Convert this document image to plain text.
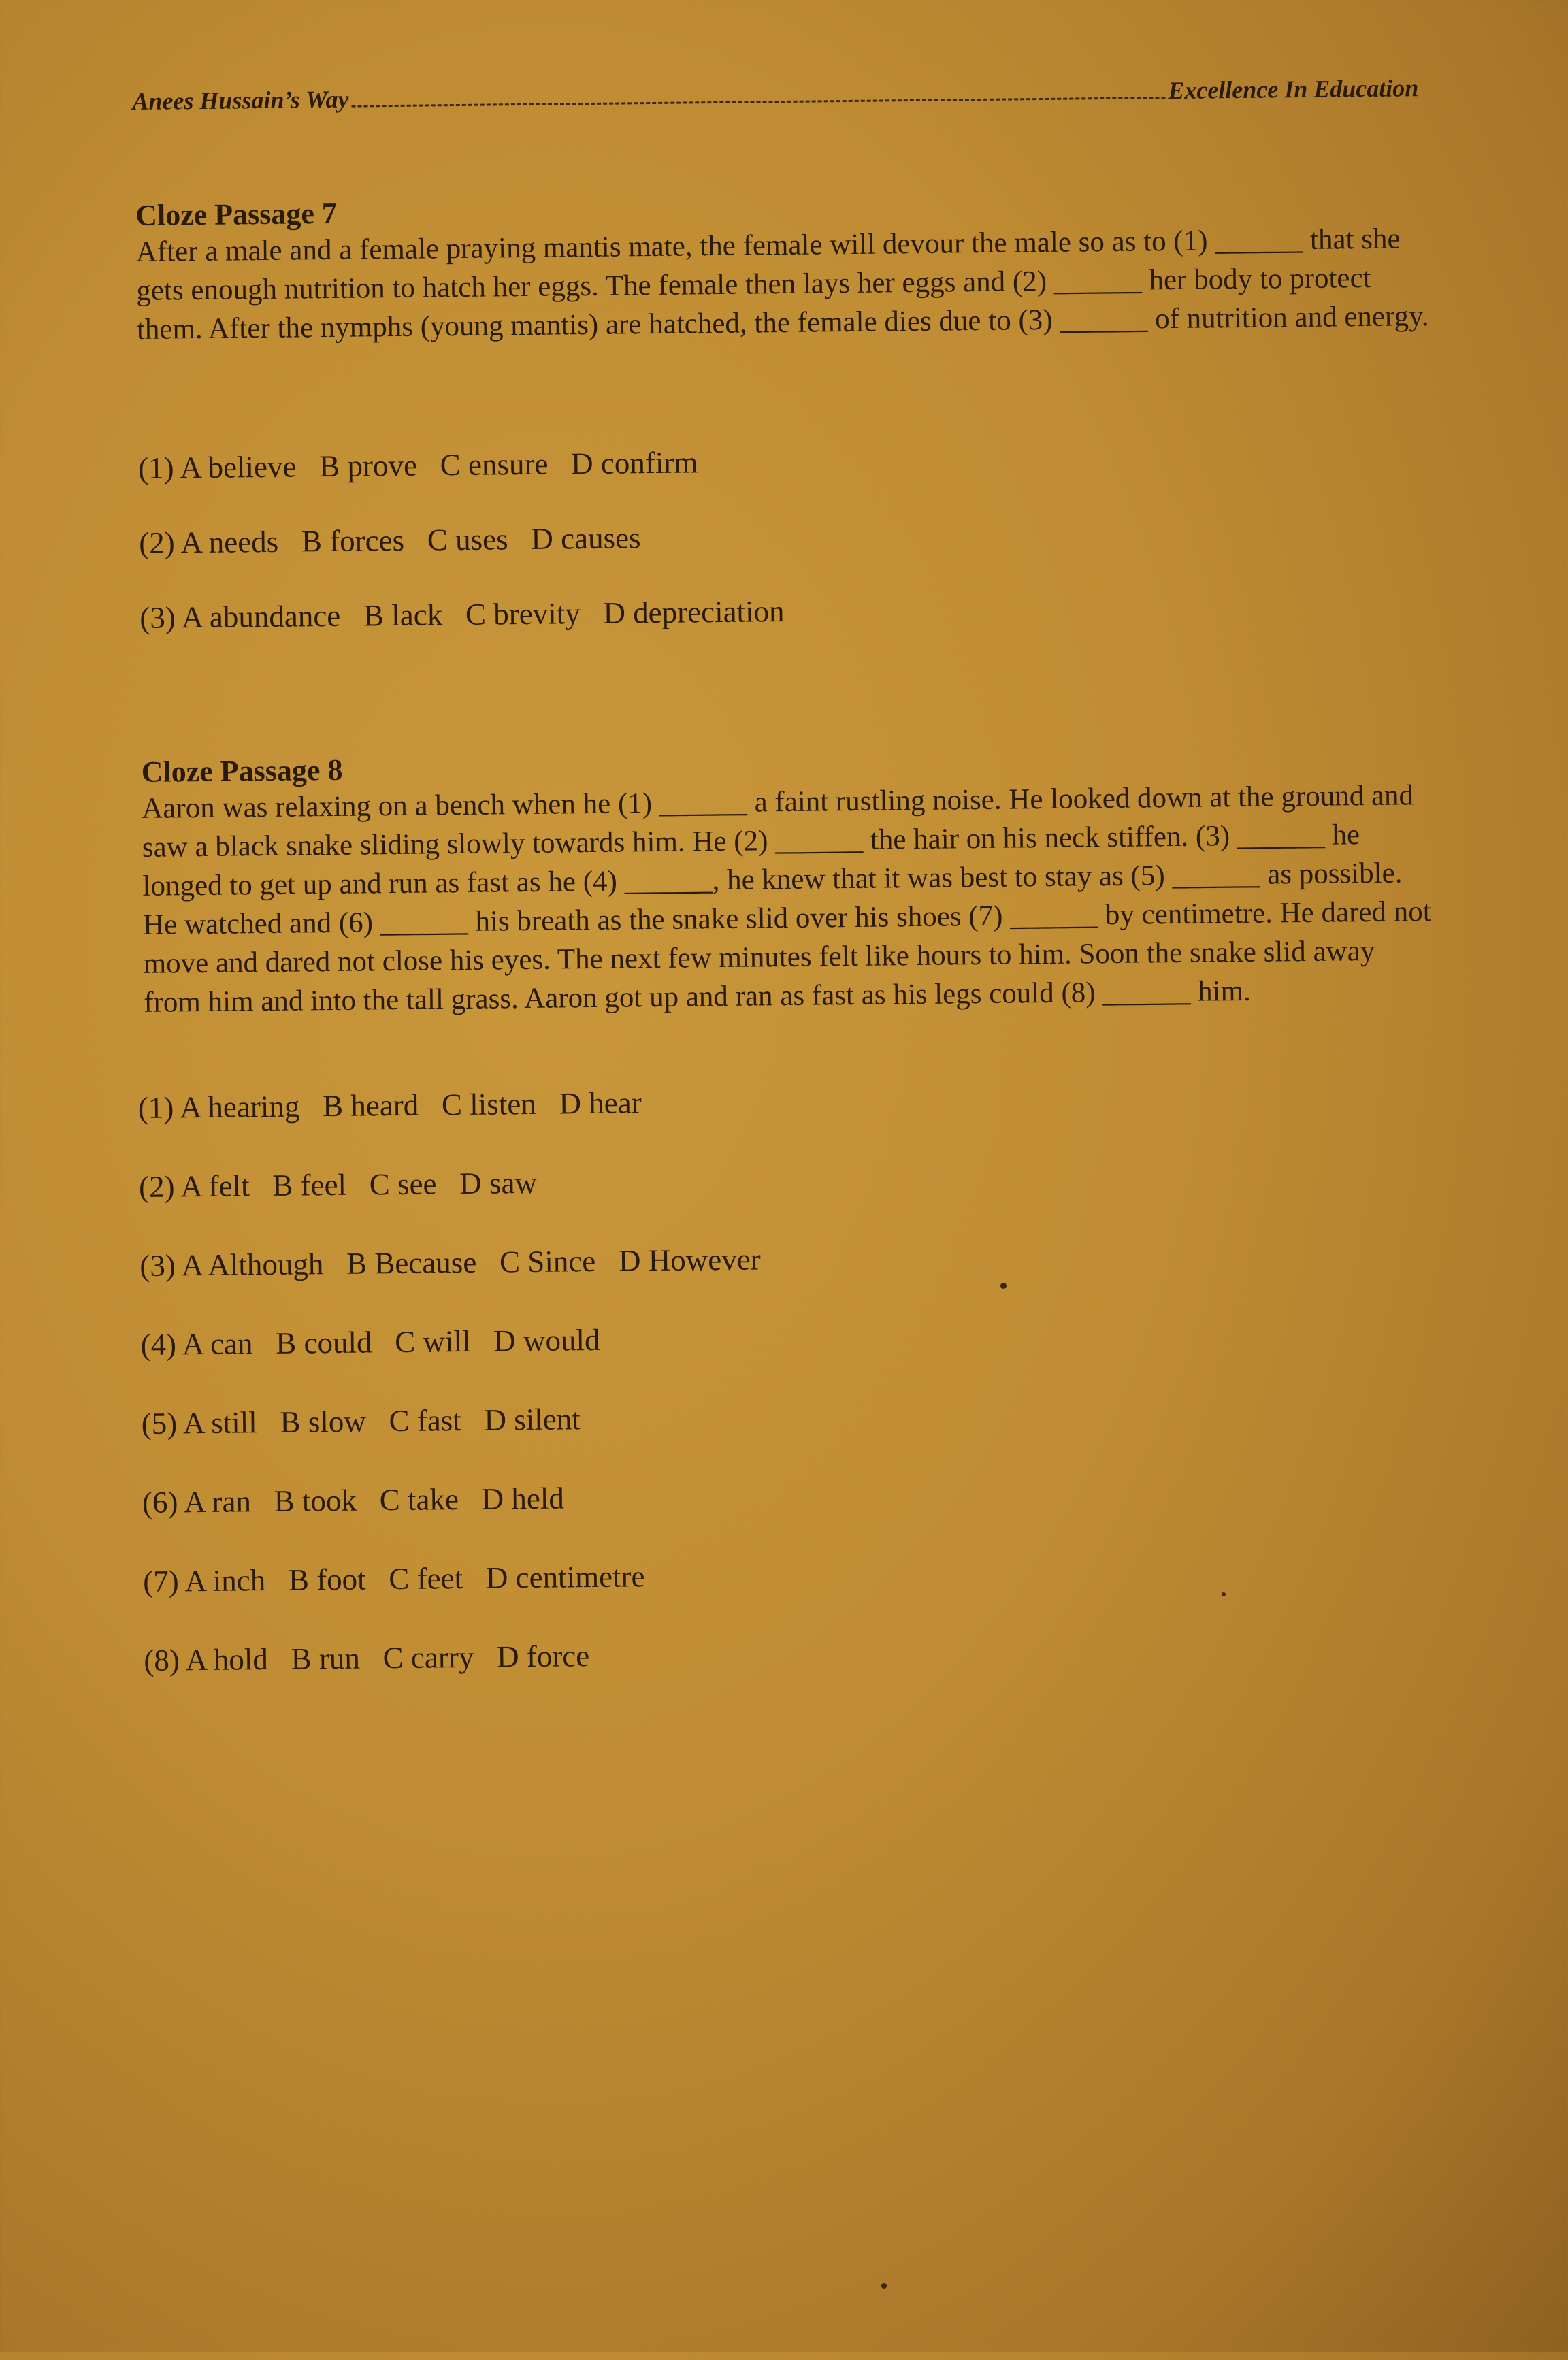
Anees Hussain’s Way	Excellence In Education
Cloze Passage 7

After a male and a female praying mantis mate, the female will devour the male so as to (1) ______ that she gets enough nutrition to hatch her eggs. The female then lays her eggs and (2) ______ her body to protect them. After the nymphs (young mantis) are hatched, the female dies due to (3) ______ of nutrition and energy.

(1) A believe   B prove   C ensure   D confirm

(2) A needs   B forces   C uses   D causes

(3) A abundance   B lack   C brevity   D depreciation

Cloze Passage 8

Aaron was relaxing on a bench when he (1) ______ a faint rustling noise. He looked down at the ground and saw a black snake sliding slowly towards him. He (2) ______ the hair on his neck stiffen. (3) ______ he longed to get up and run as fast as he (4) ______, he knew that it was best to stay as (5) ______ as possible. He watched and (6) ______ his breath as the snake slid over his shoes (7) ______ by centimetre. He dared not move and dared not close his eyes. The next few minutes felt like hours to him. Soon the snake slid away from him and into the tall grass. Aaron got up and ran as fast as his legs could (8) ______ him.

(1) A hearing   B heard   C listen   D hear

(2) A felt   B feel   C see   D saw

(3) A Although   B Because   C Since   D However

(4) A can   B could   C will   D would

(5) A still   B slow   C fast   D silent

(6) A ran   B took   C take   D held

(7) A inch   B foot   C feet   D centimetre

(8) A hold   B run   C carry   D force
